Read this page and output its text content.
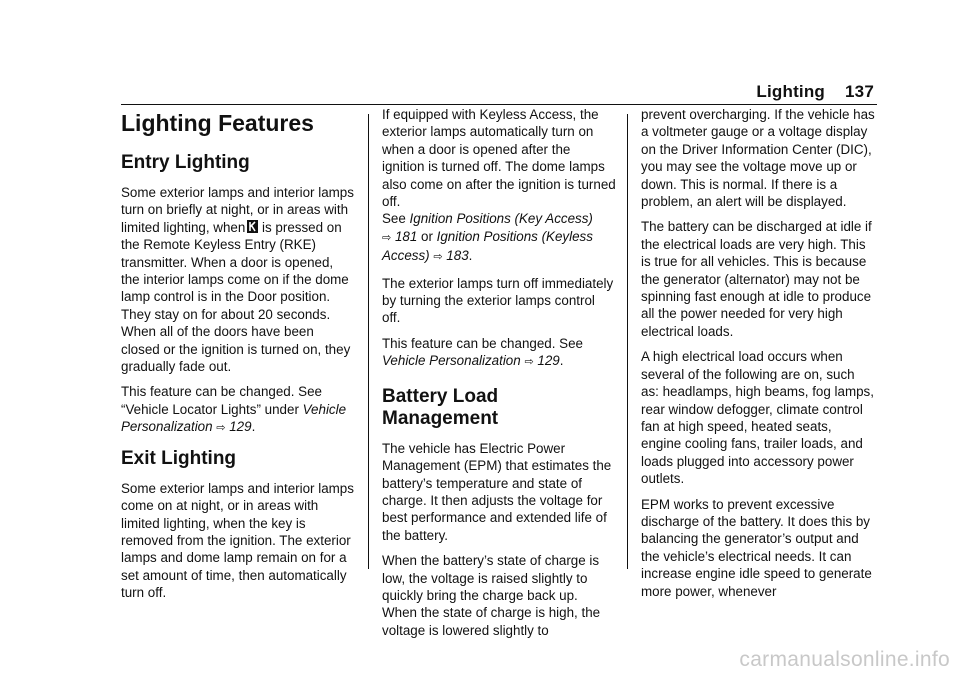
Lighting 137
Lighting Features
Entry Lighting

Some exterior lamps and interior lamps turn on briefly at night, or in areas with limited lighting, when is pressed on the Remote Keyless Entry (RKE) transmitter. When a door is opened, the interior lamps come on if the dome lamp control is in the Door position. They stay on for about 20 seconds. When all of the doors have been closed or the ignition is turned on, they gradually fade out.

This feature can be changed. See “Vehicle Locator Lights” under Vehicle Personalization ⇨ 129.

Exit Lighting

Some exterior lamps and interior lamps come on at night, or in areas with limited lighting, when the key is removed from the ignition. The exterior lamps and dome lamp remain on for a set amount of time, then automatically turn off.

If equipped with Keyless Access, the exterior lamps automatically turn on when a door is opened after the ignition is turned off. The dome lamps also come on after the ignition is turned off.
See Ignition Positions (Key Access)
⇨ 181 or Ignition Positions (Keyless Access) ⇨ 183.

The exterior lamps turn off immediately by turning the exterior lamps control off.

This feature can be changed. See Vehicle Personalization ⇨ 129.

Battery Load Management

The vehicle has Electric Power Management (EPM) that estimates the battery’s temperature and state of charge. It then adjusts the voltage for best performance and extended life of the battery.

When the battery’s state of charge is low, the voltage is raised slightly to quickly bring the charge back up. When the state of charge is high, the voltage is lowered slightly to

prevent overcharging. If the vehicle has a voltmeter gauge or a voltage display on the Driver Information Center (DIC), you may see the voltage move up or down. This is normal. If there is a problem, an alert will be displayed.

The battery can be discharged at idle if the electrical loads are very high. This is true for all vehicles. This is because the generator (alternator) may not be spinning fast enough at idle to produce all the power needed for very high electrical loads.

A high electrical load occurs when several of the following are on, such as: headlamps, high beams, fog lamps, rear window defogger, climate control fan at high speed, heated seats, engine cooling fans, trailer loads, and loads plugged into accessory power outlets.

EPM works to prevent excessive discharge of the battery. It does this by balancing the generator’s output and the vehicle’s electrical needs. It can increase engine idle speed to generate more power, whenever

carmanualsonline.info
